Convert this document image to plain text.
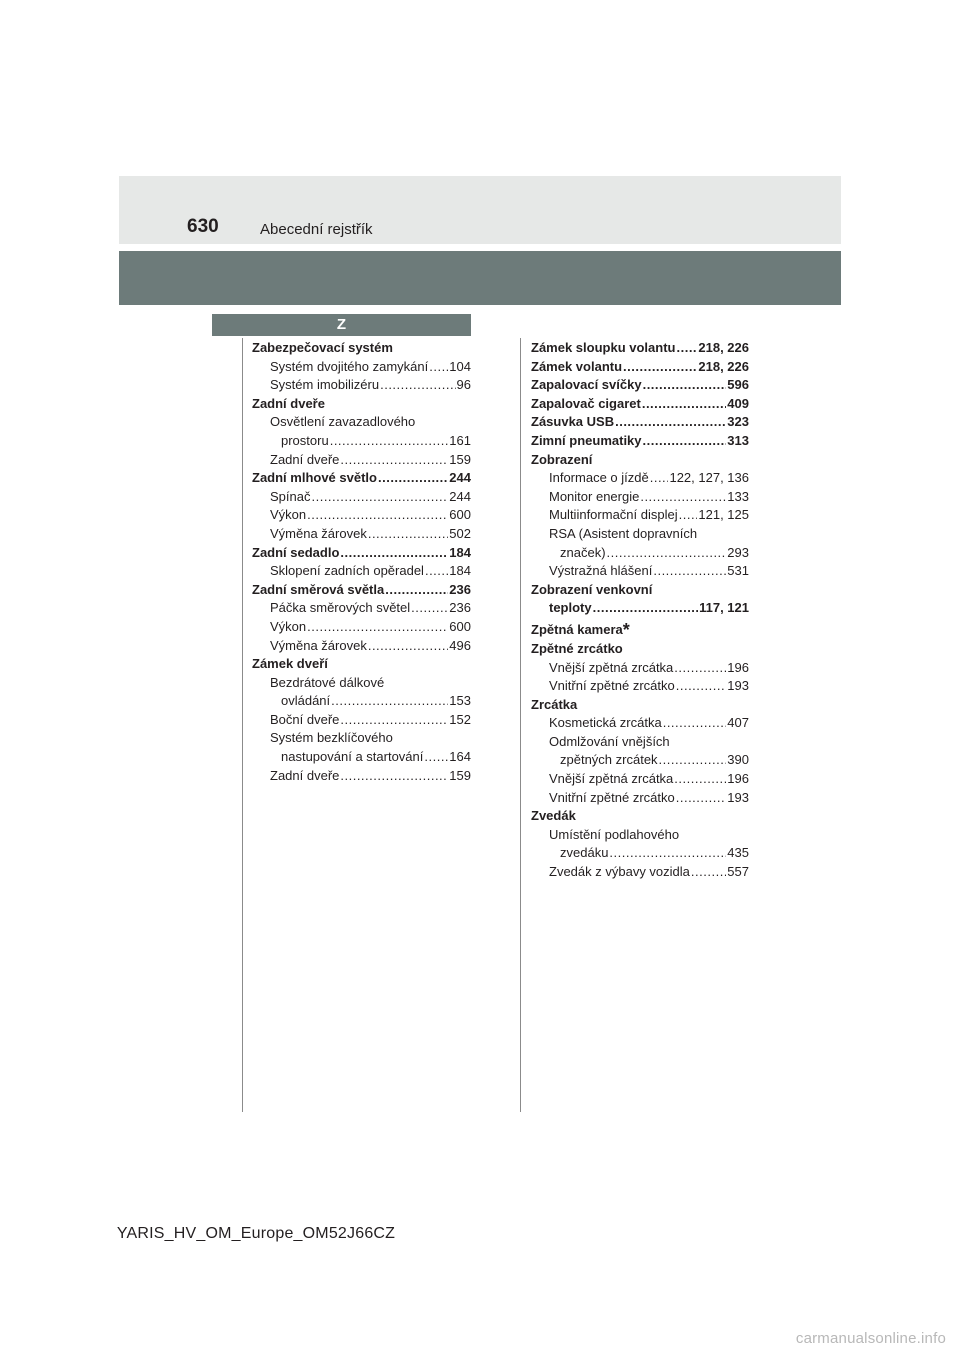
630	Abecední rejstřík
Z
Zabezpečovací systém
Systém dvojitého zamykání ..... 104
Systém imobilizéru .....	96
Zadní dveře
Osvětlení zavazadlového
prostoru .....	161
Zadní dveře .....	159
Zadní mlhové světlo .....	244
Spínač .....	244
Výkon .....	600
Výměna žárovek .....	502
Zadní sedadlo .....	184
Sklopení zadních opěradel ..... 184
Zadní směrová světla .....	236
Páčka směrových světel .....	236
Výkon .....	600
Výměna žárovek .....	496
Zámek dveří
Bezdrátové dálkové
ovládání .....	153
Boční dveře .....	152
Systém bezklíčového
nastupování a startování ..... 164
Zadní dveře .....	159
Zámek sloupku volantu ..... 218, 226
Zámek volantu .....	218, 226
Zapalovací svíčky .....	596
Zapalovač cigaret .....	409
Zásuvka USB .....	323
Zimní pneumatiky .....	313
Zobrazení
Informace o jízdě ..... 122, 127, 136
Monitor energie .....	133
Multiinformační displej ..... 121, 125
RSA (Asistent dopravních
značek) .....	293
Výstražná hlášení .....	531
Zobrazení venkovní
teploty .....	117, 121
Zpětná kamera*
Zpětné zrcátko
Vnější zpětná zrcátka .....	196
Vnitřní zpětné zrcátko .....	193
Zrcátka
Kosmetická zrcátka .....	407
Odmlžování vnějších
zpětných zrcátek .....	390
Vnější zpětná zrcátka .....	196
Vnitřní zpětné zrcátko .....	193
Zvedák
Umístění podlahového
zvedáku .....	435
Zvedák z výbavy vozidla .....	557
YARIS_HV_OM_Europe_OM52J66CZ
carmanualsonline.info
